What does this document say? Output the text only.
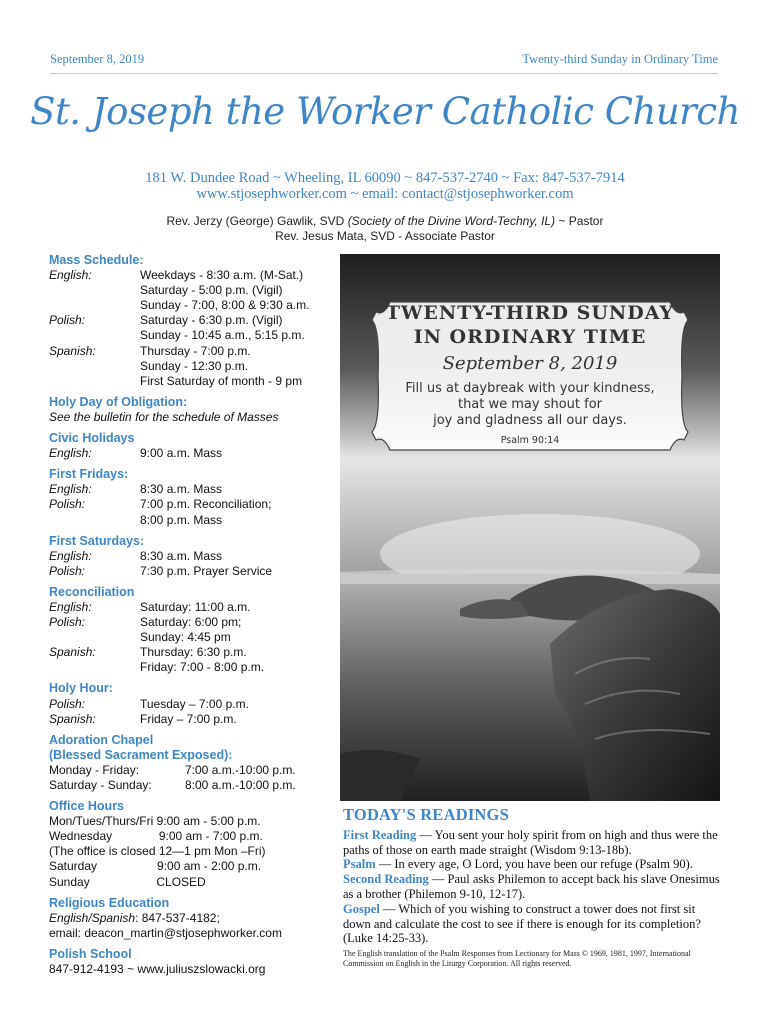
September 8, 2019	Twenty-third Sunday in Ordinary Time
St. Joseph the Worker Catholic Church
181 W. Dundee Road ~ Wheeling, IL 60090 ~ 847-537-2740 ~ Fax: 847-537-7914
www.stjosephworker.com ~ email: contact@stjosephworker.com
Rev. Jerzy (George) Gawlik, SVD (Society of the Divine Word-Techny, IL) ~ Pastor
Rev. Jesus Mata, SVD - Associate Pastor
Mass Schedule:
English:	Weekdays - 8:30 a.m. (M-Sat.)
Saturday - 5:00 p.m. (Vigil)
Sunday - 7:00, 8:00 & 9:30 a.m.
Polish:	Saturday - 6:30 p.m. (Vigil)
Sunday - 10:45 a.m., 5:15 p.m.
Spanish:	Thursday - 7:00 p.m.
Sunday - 12:30 p.m.
First Saturday of month - 9 pm
Holy Day of Obligation:
See the bulletin for the schedule of Masses
Civic Holidays
English:	9:00 a.m. Mass
First Fridays:
English:	8:30 a.m. Mass
Polish:	7:00 p.m. Reconciliation;
8:00 p.m. Mass
First Saturdays:
English:	8:30 a.m. Mass
Polish:	7:30 p.m. Prayer Service
Reconciliation
English:	Saturday: 11:00 a.m.
Polish:	Saturday: 6:00 pm;
Sunday: 4:45 pm
Spanish:	Thursday: 6:30 p.m.
Friday: 7:00 - 8:00 p.m.
Holy Hour:
Polish:	Tuesday – 7:00 p.m.
Spanish:	Friday – 7:00 p.m.
Adoration Chapel
(Blessed Sacrament Exposed):
Monday - Friday:	7:00 a.m.-10:00 p.m.
Saturday - Sunday:	8:00 a.m.-10:00 p.m.
Office Hours
Mon/Tues/Thurs/Fri 9:00 am - 5:00 p.m.
Wednesday              9:00 am - 7:00 p.m.
(The office is closed 12—1 pm Mon –Fri)
Saturday                  9:00 am - 2:00 p.m.
Sunday                    CLOSED
Religious Education
English/Spanish: 847-537-4182;
email: deacon_martin@stjosephworker.com
Polish School
847-912-4193 ~ www.juliuszslowacki.org
TWENTY-THIRD SUNDAY
IN ORDINARY TIME
September 8, 2019
Fill us at daybreak with your kindness,
that we may shout for
joy and gladness all our days.
Psalm 90:14
TODAY'S READINGS
First Reading — You sent your holy spirit from on high and thus were the paths of those on earth made straight (Wisdom 9:13-18b).
Psalm — In every age, O Lord, you have been our refuge (Psalm 90).
Second Reading — Paul asks Philemon to accept back his slave Onesimus as a brother (Philemon 9-10, 12-17).
Gospel — Which of you wishing to construct a tower does not first sit down and calculate the cost to see if there is enough for its completion? (Luke 14:25-33).
The English translation of the Psalm Responses from Lectionary for Mass © 1969, 1981, 1997, International Commission on English in the Liturgy Corporation. All rights reserved.
